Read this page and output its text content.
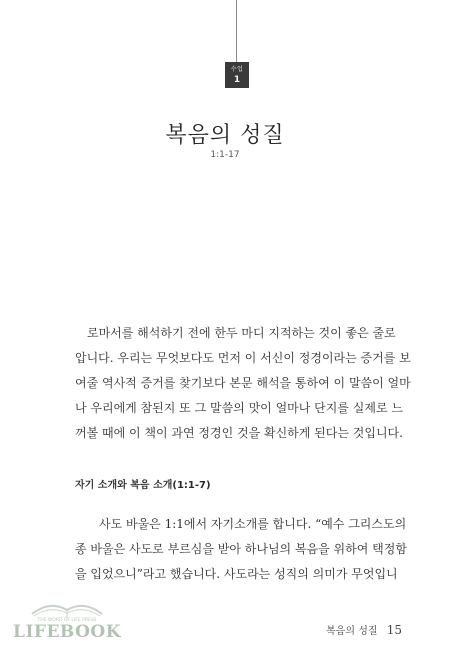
수업
1
복음의 성질
1:1-17
로마서를 해석하기 전에 한두 마디 지적하는 것이 좋은 줄로
압니다. 우리는 무엇보다도 먼저 이 서신이 정경이라는 증거를 보
여줄 역사적 증거를 찾기보다 본문 해석을 통하여 이 말씀이 얼마
나 우리에게 참된지 또 그 말씀의 맛이 얼마나 단지를 실제로 느
꺼볼 때에 이 책이 과연 정경인 것을 확신하게 된다는 것입니다.
자기 소개와 복음 소개(1:1-7)
사도 바울은 1:1에서 자기소개를 합니다. “예수 그리스도의
종 바울은 사도로 부르심을 받아 하나님의 복음을 위하여 택정함
을 입었으니”라고 했습니다. 사도라는 성직의 의미가 무엇입니
THE WORD OF LIFE PRESS
LIFEBOOK	복음의 성질 15
